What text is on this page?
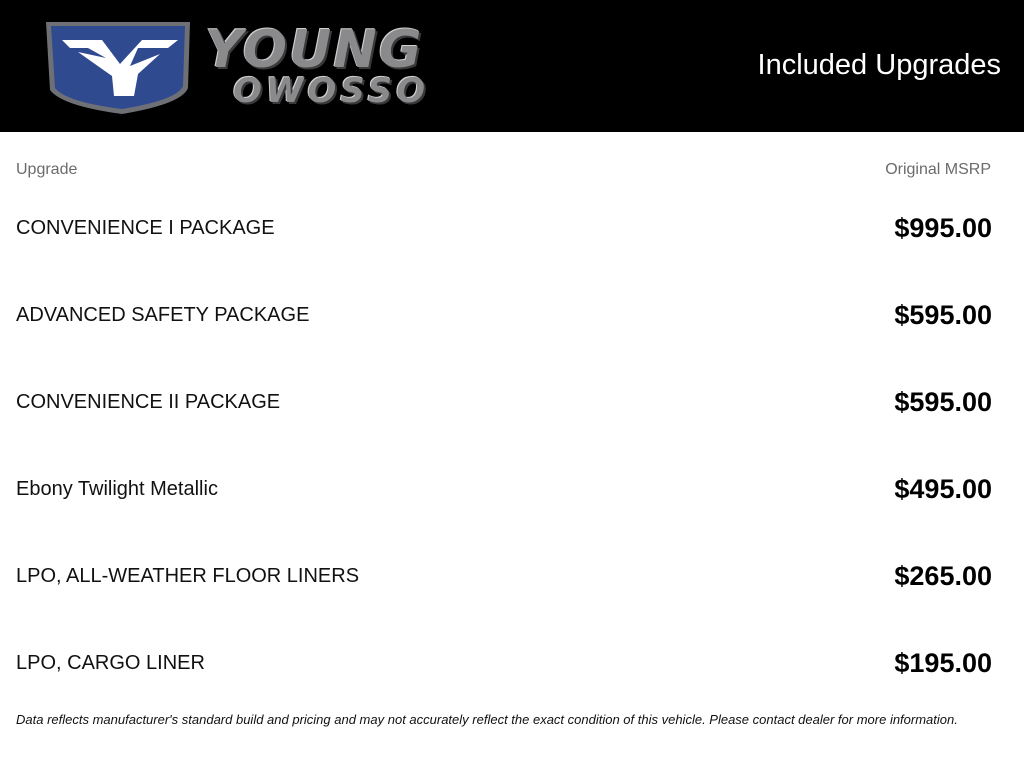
YOUNG
OWOSSO
Included Upgrades
Upgrade	Original MSRP
CONVENIENCE I PACKAGE	$995.00
ADVANCED SAFETY PACKAGE	$595.00
CONVENIENCE II PACKAGE	$595.00
Ebony Twilight Metallic	$495.00
LPO, ALL-WEATHER FLOOR LINERS	$265.00
LPO, CARGO LINER	$195.00
Data reflects manufacturer's standard build and pricing and may not accurately reflect the exact condition of this vehicle. Please contact dealer for more information.
